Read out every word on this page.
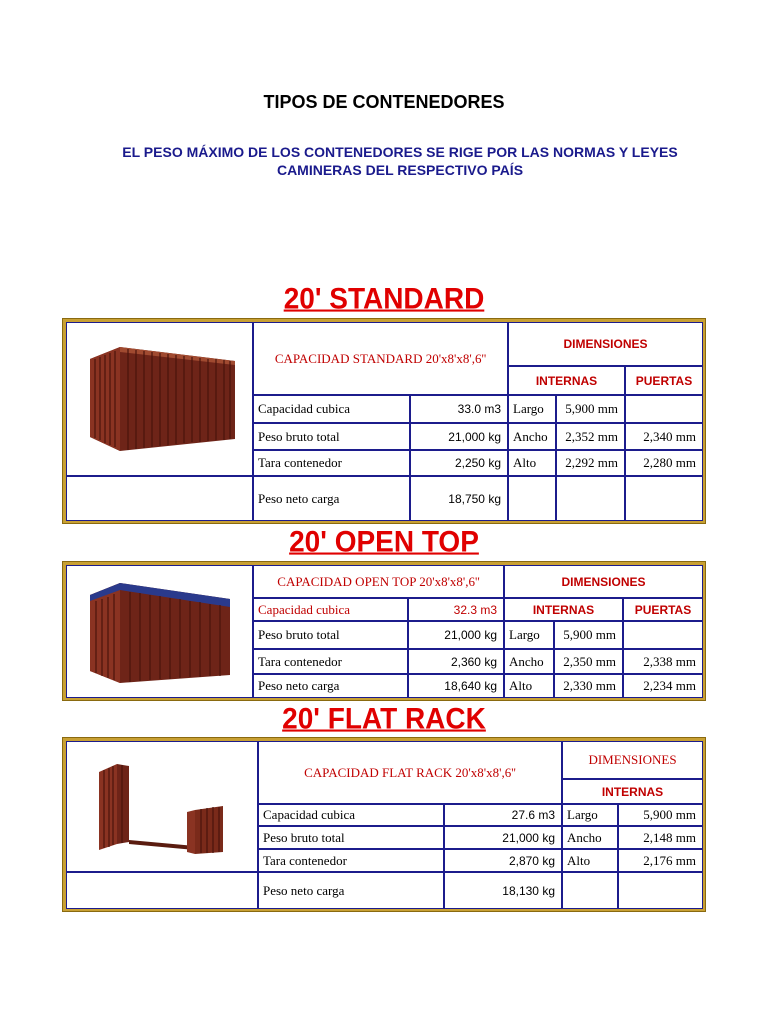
TIPOS DE CONTENEDORES
EL PESO MÁXIMO DE LOS CONTENEDORES SE RIGE POR LAS NORMAS Y LEYES
CAMINERAS DEL RESPECTIVO PAÍS
20' STANDARD
CAPACIDAD STANDARD 20'x8'x8',6''
DIMENSIONES
INTERNAS	PUERTAS
Capacidad cubica	33.0 m3 Largo	5,900 mm
Peso bruto total	21,000 kg Ancho	2,352 mm	2,340 mm
Tara contenedor	2,250 kg Alto	2,292 mm	2,280 mm
Peso neto carga	18,750 kg
20' OPEN TOP
CAPACIDAD OPEN TOP 20'x8'x8',6''	DIMENSIONES
Capacidad cubica	32.3 m3	INTERNAS	PUERTAS
Peso bruto total	21,000 kg Largo	5,900 mm
Tara contenedor	2,360 kg Ancho	2,350 mm	2,338 mm
Peso neto carga	18,640 kg Alto	2,330 mm	2,234 mm
20' FLAT RACK
CAPACIDAD FLAT RACK 20'x8'x8',6''
DIMENSIONES
INTERNAS
Capacidad cubica	27.6 m3 Largo	5,900 mm
Peso bruto total	21,000 kg Ancho	2,148 mm
Tara contenedor	2,870 kg Alto	2,176 mm
Peso neto carga	18,130 kg
